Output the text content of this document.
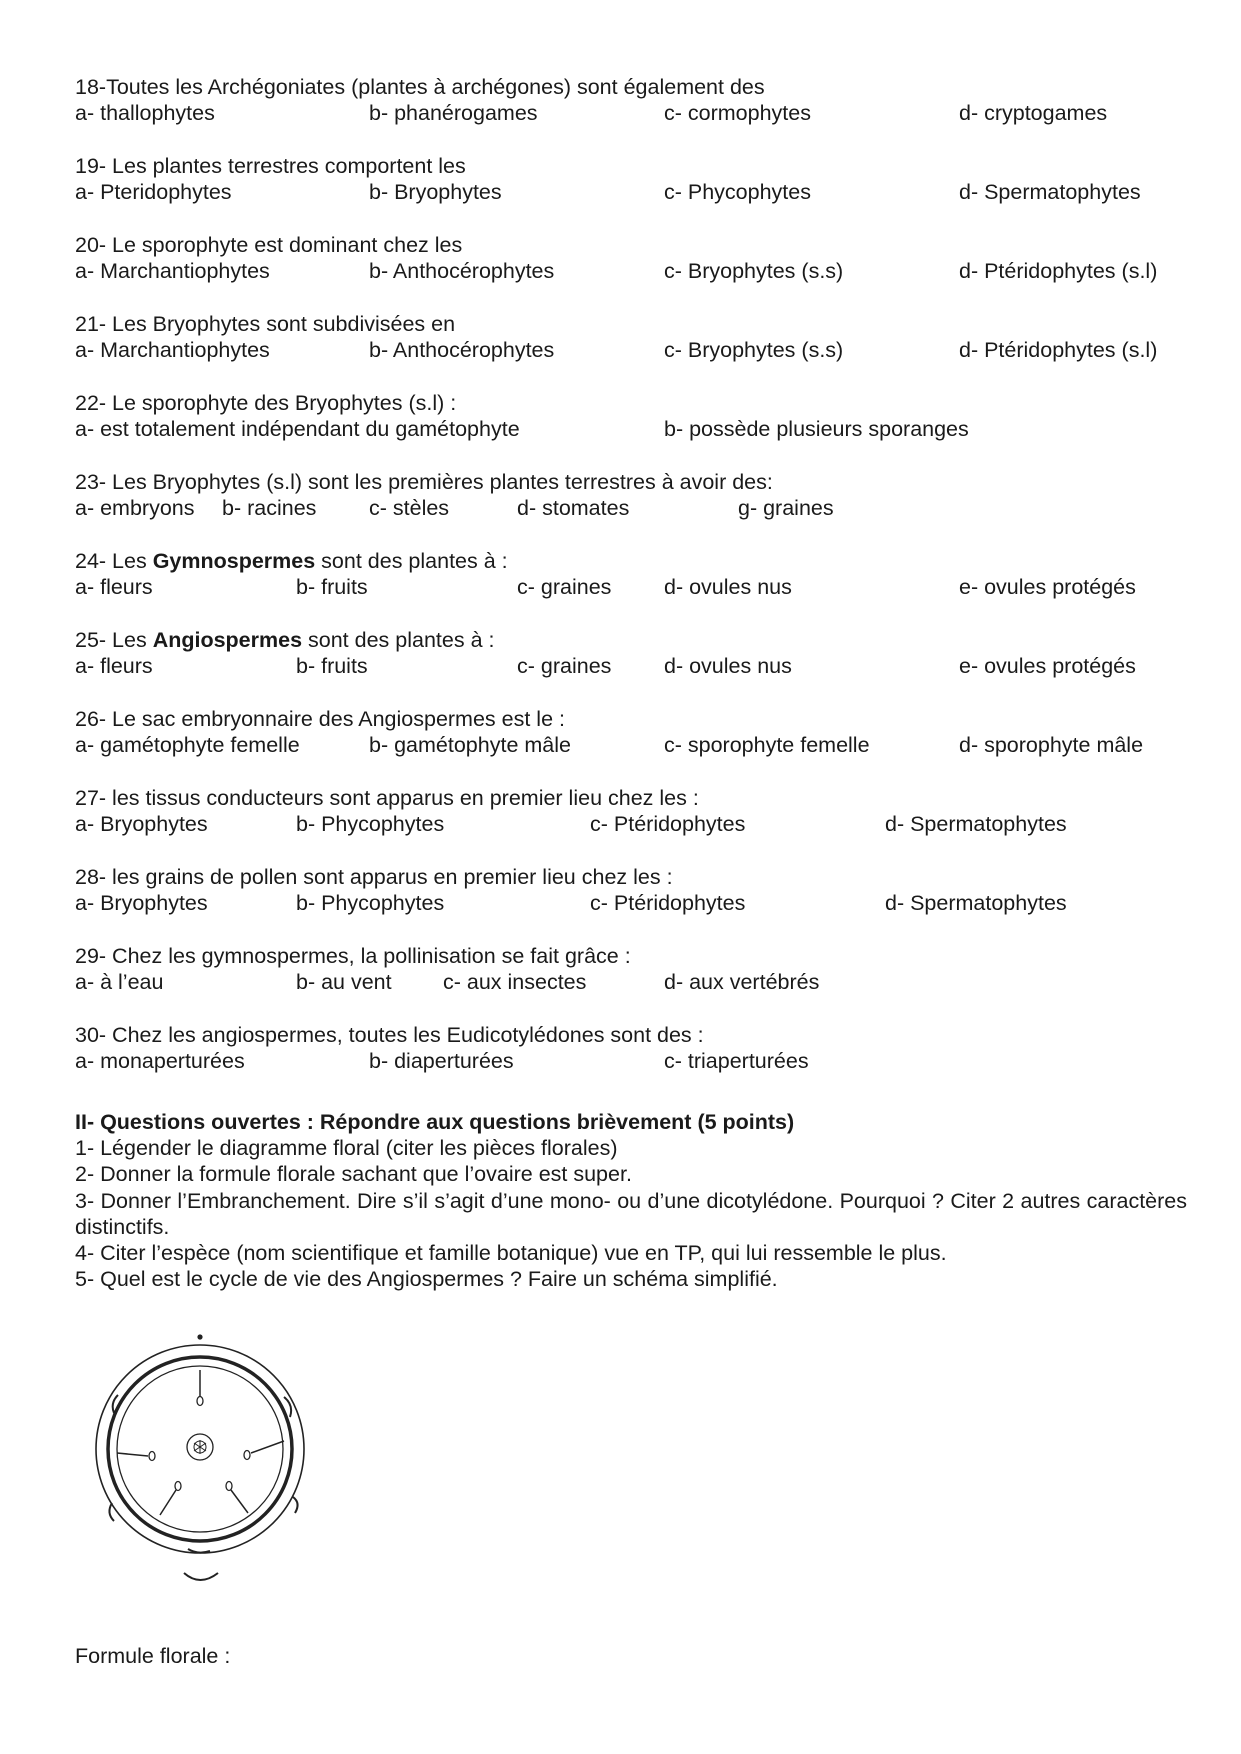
18-Toutes les Archégoniates (plantes à archégones) sont également des
a- thallophytes	b- phanérogames	c- cormophytes	d- cryptogames
19- Les plantes terrestres comportent les
a- Pteridophytes	b- Bryophytes	c- Phycophytes	d- Spermatophytes
20- Le sporophyte est dominant chez les
a- Marchantiophytes	b- Anthocérophytes	c- Bryophytes (s.s)	d- Ptéridophytes (s.l)
21- Les Bryophytes sont subdivisées en
a- Marchantiophytes	b- Anthocérophytes	c- Bryophytes (s.s)	d- Ptéridophytes (s.l)
22- Le sporophyte des Bryophytes (s.l) :
a- est totalement indépendant du gamétophyte	b- possède plusieurs sporanges
23- Les Bryophytes (s.l) sont les premières plantes terrestres à avoir des:
a- embryons b- racines c- stèles	d- stomates	g- graines
24- Les Gymnospermes sont des plantes à :
a- fleurs	b- fruits	c- graines d- ovules nus	e- ovules protégés
25- Les Angiospermes sont des plantes à :
a- fleurs	b- fruits	c- graines d- ovules nus	e- ovules protégés
26- Le sac embryonnaire des Angiospermes est le :
a- gamétophyte femelle	b- gamétophyte mâle	c- sporophyte femelle	d- sporophyte mâle
27- les tissus conducteurs sont apparus en premier lieu chez les :
a- Bryophytes	b- Phycophytes	c- Ptéridophytes	d- Spermatophytes
28- les grains de pollen sont apparus en premier lieu chez les :
a- Bryophytes	b- Phycophytes	c- Ptéridophytes	d- Spermatophytes
29- Chez les gymnospermes, la pollinisation se fait grâce :
a- à l’eau	b- au vent c- aux insectes	d- aux vertébrés
30- Chez les angiospermes, toutes les Eudicotylédones sont des :
a- monaperturées	b- diaperturées	c- triaperturées
II- Questions ouvertes : Répondre aux questions brièvement (5 points)
1- Légender le diagramme floral (citer les pièces florales)
2- Donner la formule florale sachant que l’ovaire est super.
3- Donner l’Embranchement. Dire s’il s’agit d’une mono- ou d’une dicotylédone. Pourquoi ? Citer 2 autres caractères distinctifs.
4- Citer l’espèce (nom scientifique et famille botanique) vue en TP, qui lui ressemble le plus.
5- Quel est le cycle de vie des Angiospermes ? Faire un schéma simplifié.
Formule florale :
